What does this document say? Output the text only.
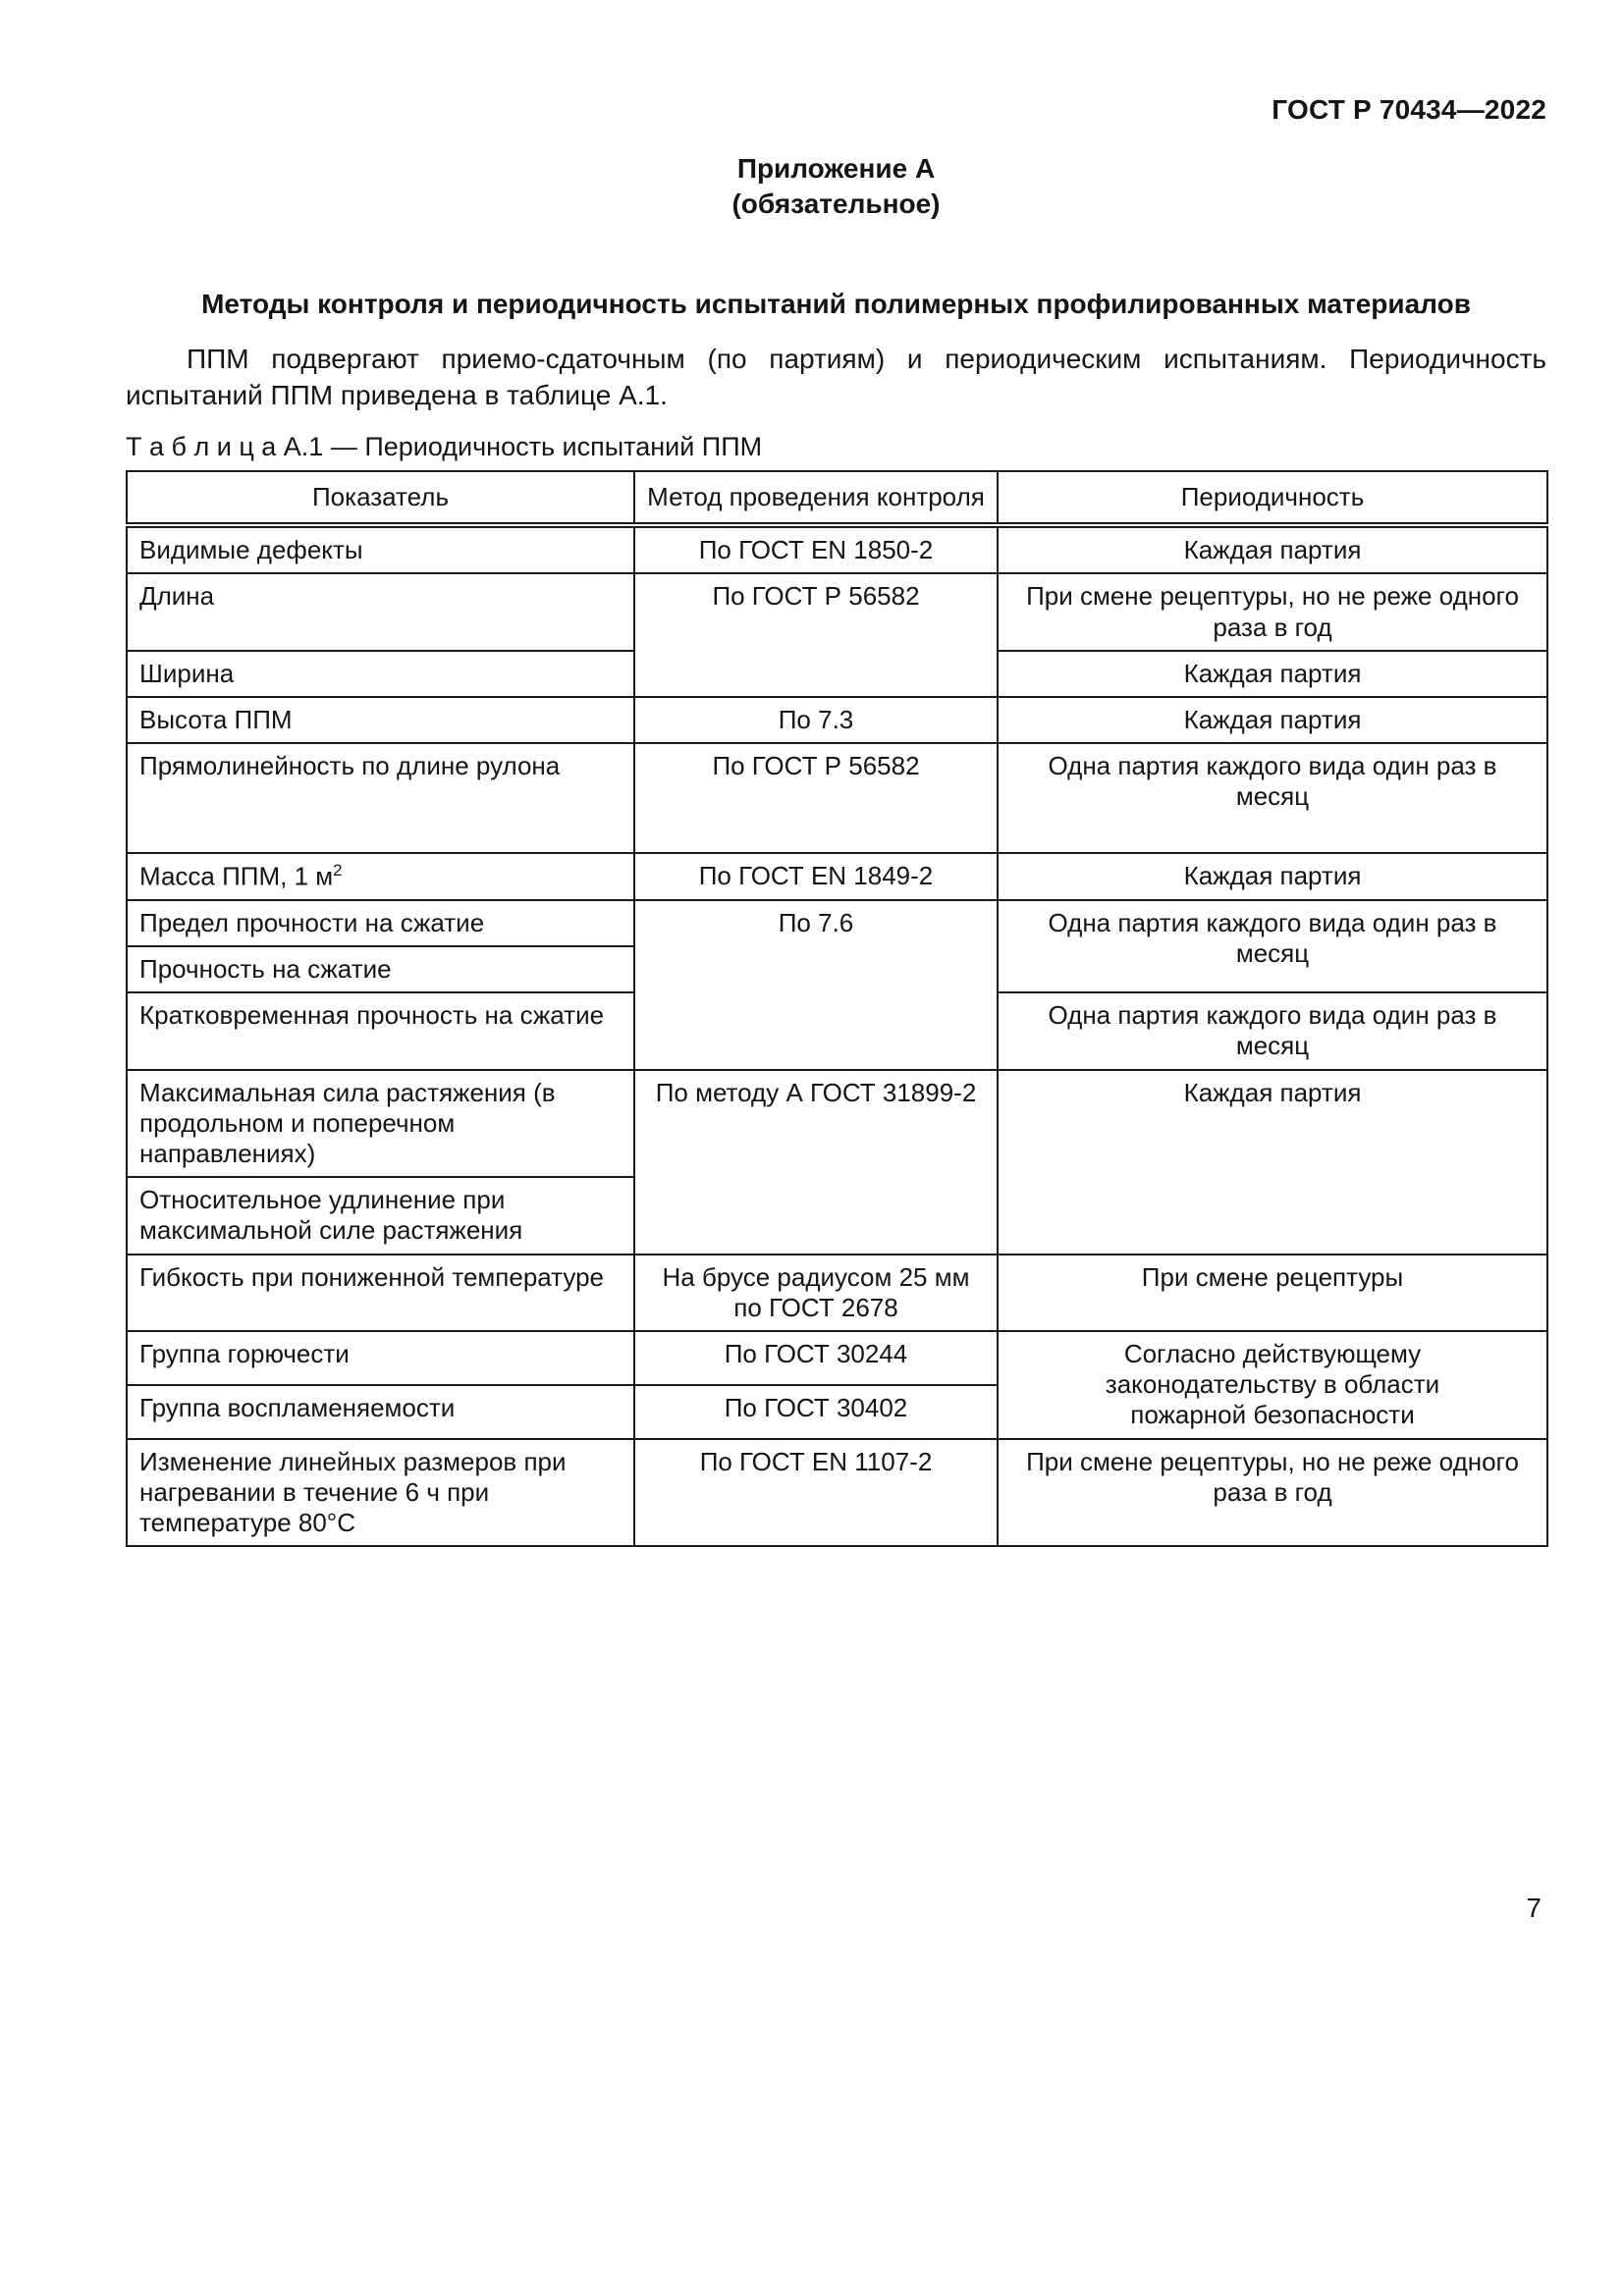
ГОСТ Р 70434—2022
Приложение А
(обязательное)
Методы контроля и периодичность испытаний полимерных профилированных материалов

ППМ подвергают приемо-сдаточным (по партиям) и периодическим испытаниям. Периодичность испытаний ППМ приведена в таблице А.1.

Т а б л и ц а А.1 — Периодичность испытаний ППМ
Показатель	Метод проведения контроля	Периодичность
Видимые дефекты	По ГОСТ EN 1850-2	Каждая партия
Длина	По ГОСТ Р 56582	При смене рецептуры, но не реже одного раза в год
Ширина		Каждая партия
Высота ППМ	По 7.3	Каждая партия
Прямолинейность по длине рулона	По ГОСТ Р 56582	Одна партия каждого вида один раз в месяц
Масса ППМ, 1 $м^2$	По ГОСТ EN 1849-2	Каждая партия
Предел прочности на сжатие	По 7.6	Одна партия каждого вида один раз в месяц
Прочность на сжатие		
Кратковременная прочность на сжатие		Одна партия каждого вида один раз в месяц
Максимальная сила растяжения (в продольном и поперечном направлениях)	По методу А ГОСТ 31899-2	Каждая партия
Относительное удлинение при максимальной силе растяжения		
Гибкость при пониженной температуре	На брусе радиусом 25 мм по ГОСТ 2678	При смене рецептуры
Группа горючести	По ГОСТ 30244	Согласно действующему законодательству в области пожарной безопасности
Группа воспламеняемости	По ГОСТ 30402	
Изменение линейных размеров при нагревании в течение 6 ч при температуре 80°С	По ГОСТ EN 1107-2	При смене рецептуры, но не реже одного раза в год
7
